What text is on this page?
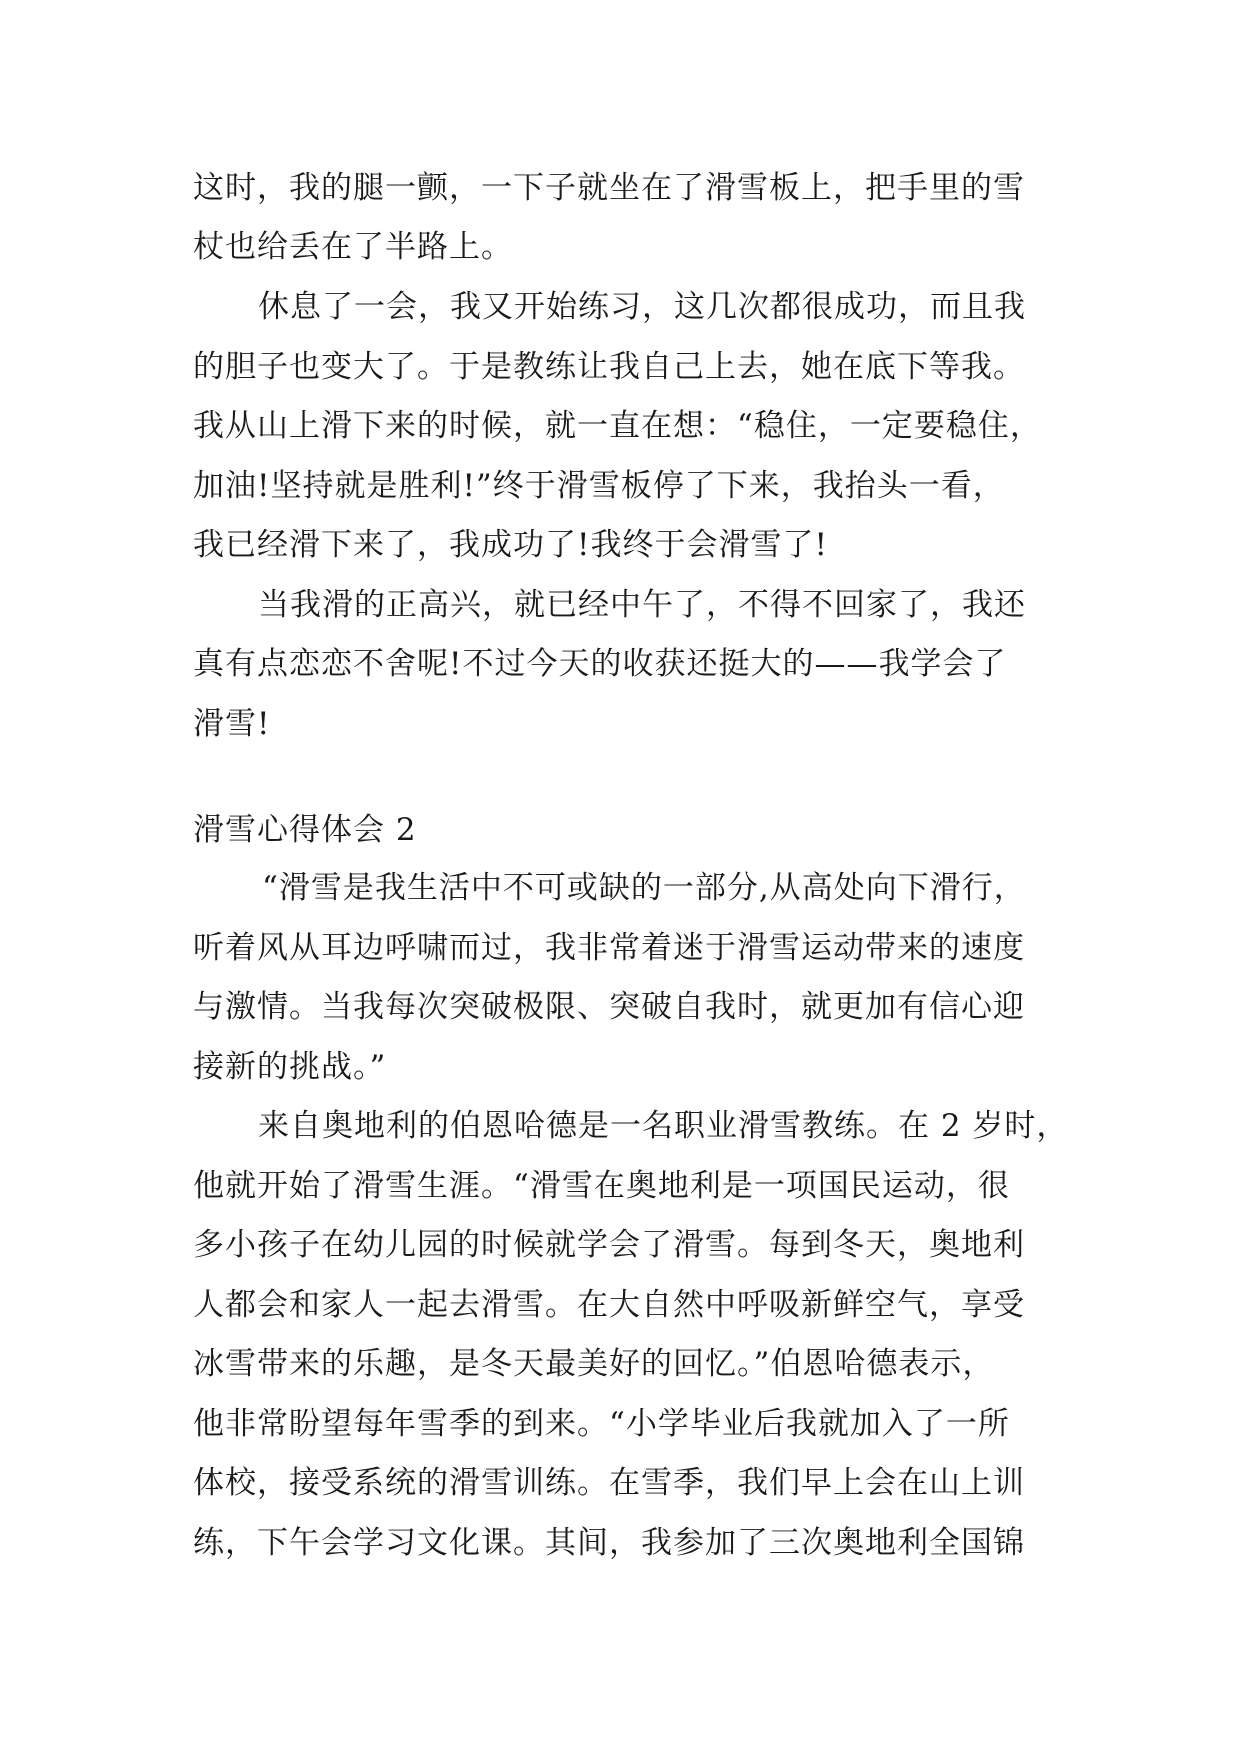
这时，我的腿一颤，一下子就坐在了滑雪板上，把手里的雪

杖也给丢在了半路上。

休息了一会，我又开始练习，这几次都很成功，而且我

的胆子也变大了。于是教练让我自己上去，她在底下等我。

我从山上滑下来的时候，就一直在想：“稳住，一定要稳住，

加油!坚持就是胜利!”终于滑雪板停了下来，我抬头一看，

我已经滑下来了，我成功了!我终于会滑雪了!

当我滑的正高兴，就已经中午了，不得不回家了，我还

真有点恋恋不舍呢!不过今天的收获还挺大的——我学会了

滑雪!

滑雪心得体会 2

“滑雪是我生活中不可或缺的一部分,从高处向下滑行，

听着风从耳边呼啸而过，我非常着迷于滑雪运动带来的速度

与激情。当我每次突破极限、突破自我时，就更加有信心迎

接新的挑战。”

来自奥地利的伯恩哈德是一名职业滑雪教练。在 2 岁时，

他就开始了滑雪生涯。“滑雪在奥地利是一项国民运动，很

多小孩子在幼儿园的时候就学会了滑雪。每到冬天，奥地利

人都会和家人一起去滑雪。在大自然中呼吸新鲜空气，享受

冰雪带来的乐趣，是冬天最美好的回忆。”伯恩哈德表示，

他非常盼望每年雪季的到来。“小学毕业后我就加入了一所

体校，接受系统的滑雪训练。在雪季，我们早上会在山上训

练，下午会学习文化课。其间，我参加了三次奥地利全国锦
